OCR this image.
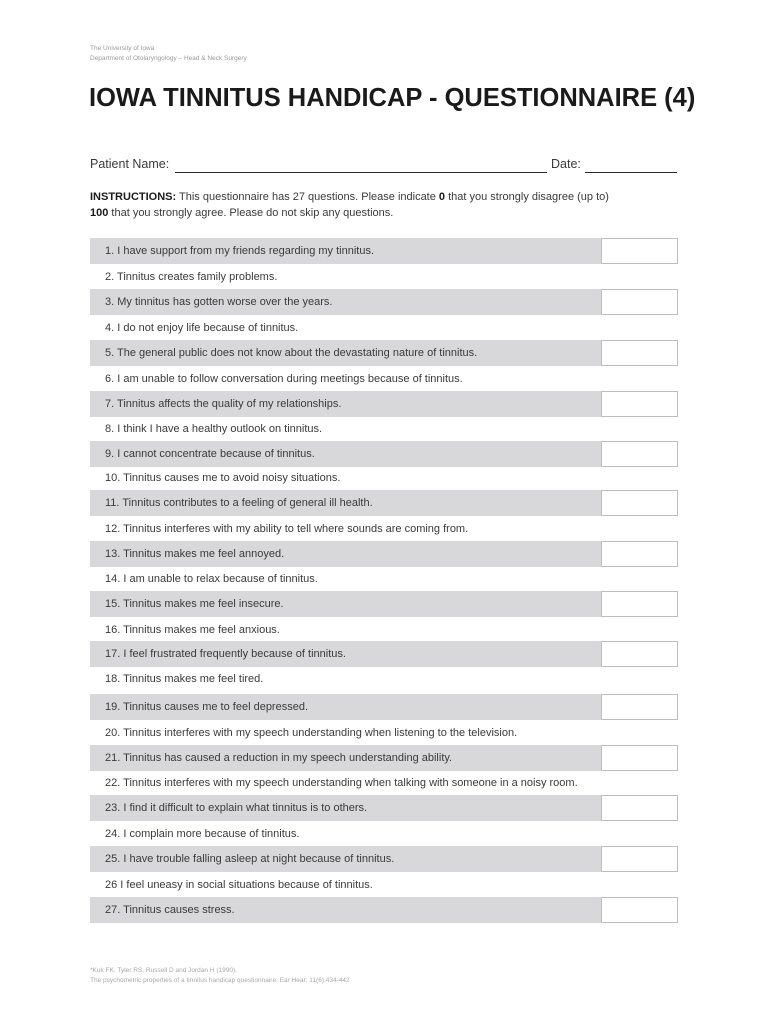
The University of Iowa
Department of Otolaryngology – Head & Neck Surgery
IOWA TINNITUS HANDICAP - QUESTIONNAIRE (4)
Patient Name:	Date:
INSTRUCTIONS: This questionnaire has 27 questions. Please indicate 0 that you strongly disagree (up to)
100 that you strongly agree. Please do not skip any questions.
1. I have support from my friends regarding my tinnitus.
2. Tinnitus creates family problems.
3. My tinnitus has gotten worse over the years.
4. I do not enjoy life because of tinnitus.
5. The general public does not know about the devastating nature of tinnitus.
6. I am unable to follow conversation during meetings because of tinnitus.
7. Tinnitus affects the quality of my relationships.
8. I think I have a healthy outlook on tinnitus.
9. I cannot concentrate because of tinnitus.
10. Tinnitus causes me to avoid noisy situations.
11. Tinnitus contributes to a feeling of general ill health.
12. Tinnitus interferes with my ability to tell where sounds are coming from.
13. Tinnitus makes me feel annoyed.
14. I am unable to relax because of tinnitus.
15. Tinnitus makes me feel insecure.
16. Tinnitus makes me feel anxious.
17. I feel frustrated frequently because of tinnitus.
18. Tinnitus makes me feel tired.
19. Tinnitus causes me to feel depressed.
20. Tinnitus interferes with my speech understanding when listening to the television.
21. Tinnitus has caused a reduction in my speech understanding ability.
22. Tinnitus interferes with my speech understanding when talking with someone in a noisy room.
23. I find it difficult to explain what tinnitus is to others.
24. I complain more because of tinnitus.
25. I have trouble falling asleep at night because of tinnitus.
26 I feel uneasy in social situations because of tinnitus.
27. Tinnitus causes stress.
*Kuk FK, Tyler RS, Russell D and Jordan H (1990).
The psychometric properties of a tinnitus handicap questionnaire. Ear Hear; 11(6):434-442
